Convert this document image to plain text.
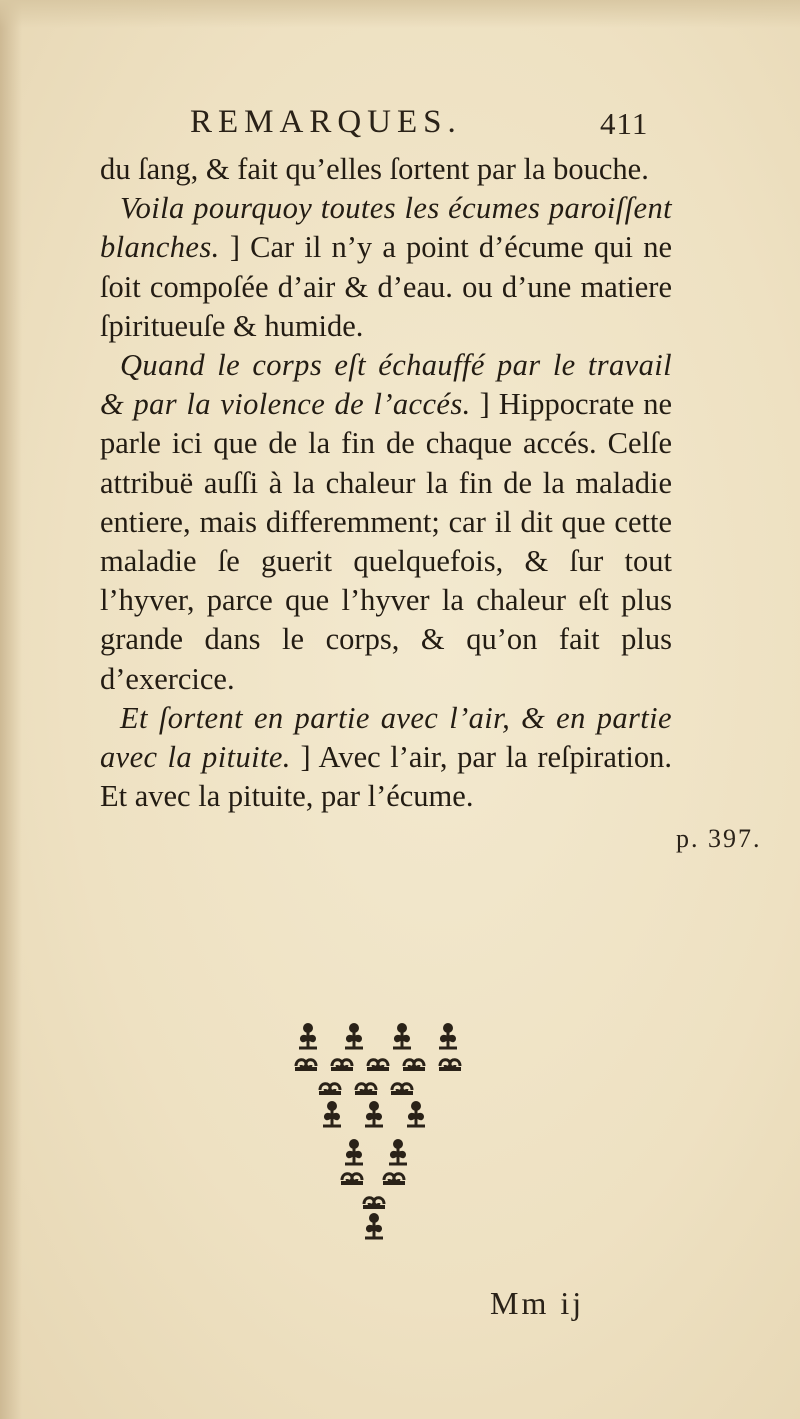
REMARQUES.	411

du ſang, & fait qu’elles ſortent par la bouche.

Voila pourquoy toutes les écumes paroiſſent blanches. ] Car il n’y a point d’écume qui ne ſoit compoſée d’air & d’eau. ou d’une matiere ſpiritueuſe & humide.

Quand le corps eſt échauffé par le travail & par la violence de l’accés. ] Hippocrate ne parle ici que de la fin de chaque accés. Celſe attribuë auſſi à la chaleur la fin de la maladie entiere, mais differemment; car il dit que cette maladie ſe guerit quelquefois, & ſur tout l’hyver, parce que l’hyver la chaleur eſt plus grande dans le corps, & qu’on fait plus d’exercice.

Et ſortent en partie avec l’air, & en partie avec la pituite. ] Avec l’air, par la reſpiration. Et avec la pituite, par l’écume.

p. 397.
Mm ij
